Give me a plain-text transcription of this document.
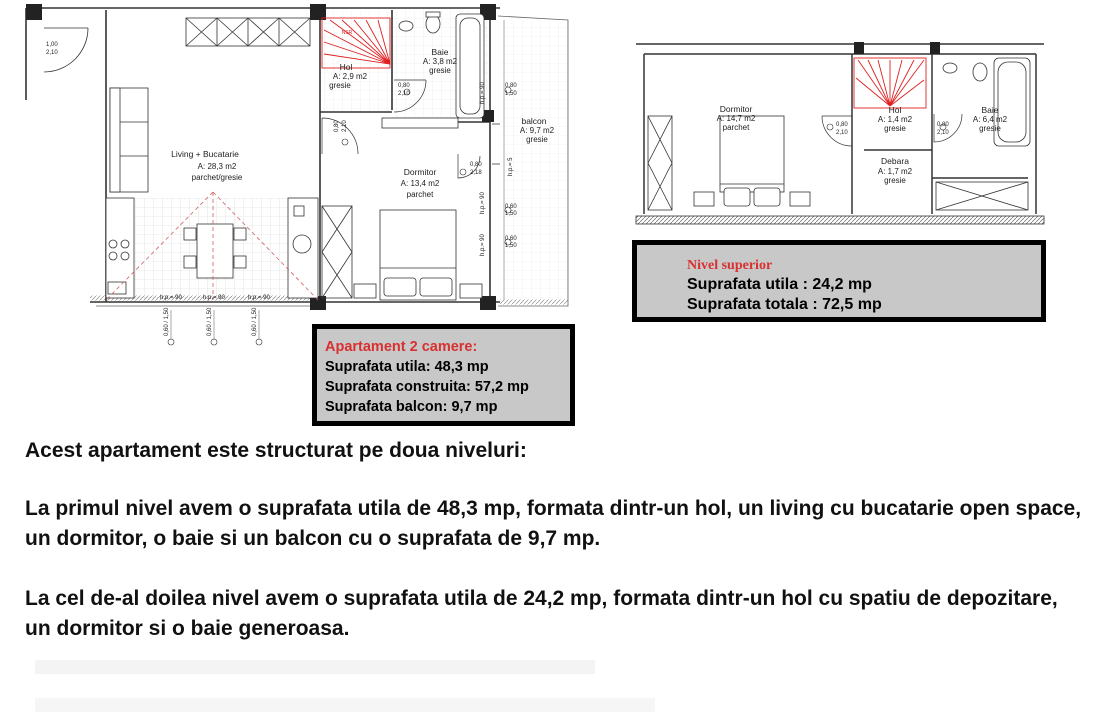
Living + Bucatarie
A: 28,3 m2
parchet/gresie
NSR
Hol
A: 2,9 m2
gresie
Baie
A: 3,8 m2
gresie
balcon
A: 9,7 m2
gresie
Dormitor
A: 13,4 m2
parchet
1,00
2,10
0,80
2,10
0,80
1,50
0,80 2,10
0,80
2,18
0,60
1,50
0,60
1,50
h.p.= 90	h.p.= 90	h.p.= 90
h.p.= 90
h.p.= 5
h.p.= 90
h.p.= 90
0,60 / 1,50	0,60 / 1,50	0,60 / 1,50
Dormitor
A: 14,7 m2
parchet
Hol
A: 1,4 m2
gresie
Baie
A: 6,4 m2
gresie
Debara
A: 1,7 m2
gresie
0,80
2,10
0,80
2,10
Apartament 2 camere:
Suprafata utila: 48,3 mp
Suprafata construita: 57,2 mp
Suprafata balcon: 9,7 mp
Nivel superior
Suprafata utila : 24,2 mp
Suprafata totala : 72,5 mp

Acest apartament este structurat pe doua niveluri:

La primul nivel avem o suprafata utila de 48,3 mp, formata dintr-un hol, un living cu bucatarie open space, un dormitor, o baie si un balcon cu o suprafata de 9,7 mp.

La cel de-al doilea nivel avem o suprafata utila de 24,2 mp, formata dintr-un hol cu spatiu de depozitare, un dormitor si o baie generoasa.
